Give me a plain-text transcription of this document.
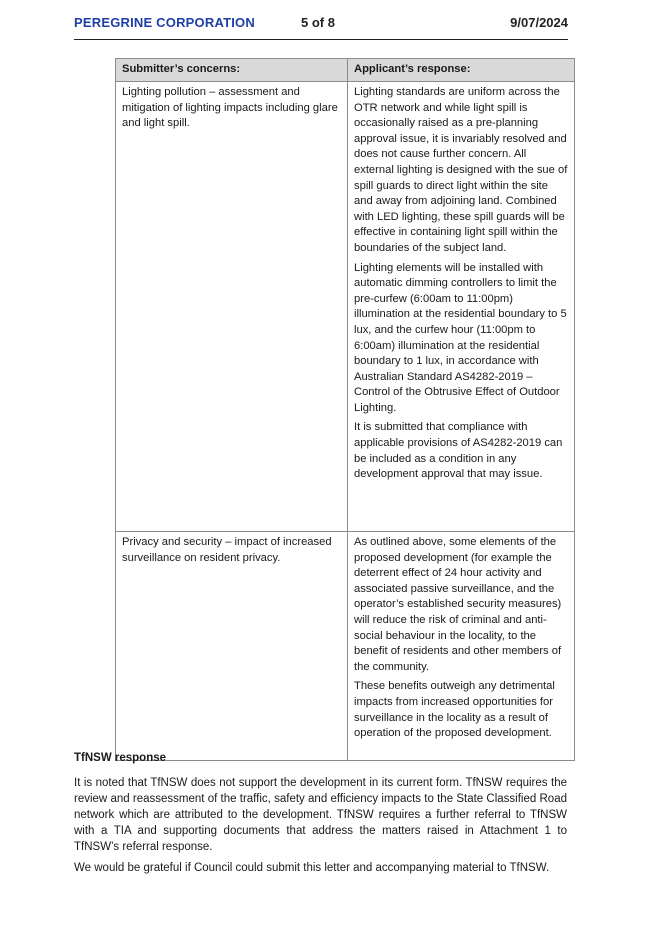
PEREGRINE CORPORATION	5 of 8	9/07/2024
Submitter’s concerns:	Applicant’s response:

Lighting pollution – assessment and mitigation of lighting impacts including glare and light spill.	Lighting standards are uniform across the OTR network and while light spill is occasionally raised as a pre-planning approval issue, it is invariably resolved and does not cause further concern. All external lighting is designed with the sue of spill guards to direct light within the site and away from adjoining land. Combined with LED lighting, these spill guards will be effective in containing light spill within the boundaries of the subject land.

Lighting elements will be installed with automatic dimming controllers to limit the pre-curfew (6:00am to 11:00pm) illumination at the residential boundary to 5 lux, and the curfew hour (11:00pm to 6:00am) illumination at the residential boundary to 1 lux, in accordance with Australian Standard AS4282-2019 – Control of the Obtrusive Effect of Outdoor Lighting.

It is submitted that compliance with applicable provisions of AS4282-2019 can be included as a condition in any development approval that may issue.

Privacy and security – impact of increased surveillance on resident privacy.	As outlined above, some elements of the proposed development (for example the deterrent effect of 24 hour activity and associated passive surveillance, and the operator’s established security measures) will reduce the risk of criminal and anti-social behaviour in the locality, to the benefit of residents and other members of the community.

These benefits outweigh any detrimental impacts from increased opportunities for surveillance in the locality as a result of operation of the proposed development.

TfNSW response

It is noted that TfNSW does not support the development in its current form. TfNSW requires the review and reassessment of the traffic, safety and efficiency impacts to the State Classified Road network which are attributed to the development. TfNSW requires a further referral to TfNSW with a TIA and supporting documents that address the matters raised in Attachment 1 to TfNSW’s referral response.

We would be grateful if Council could submit this letter and accompanying material to TfNSW.
